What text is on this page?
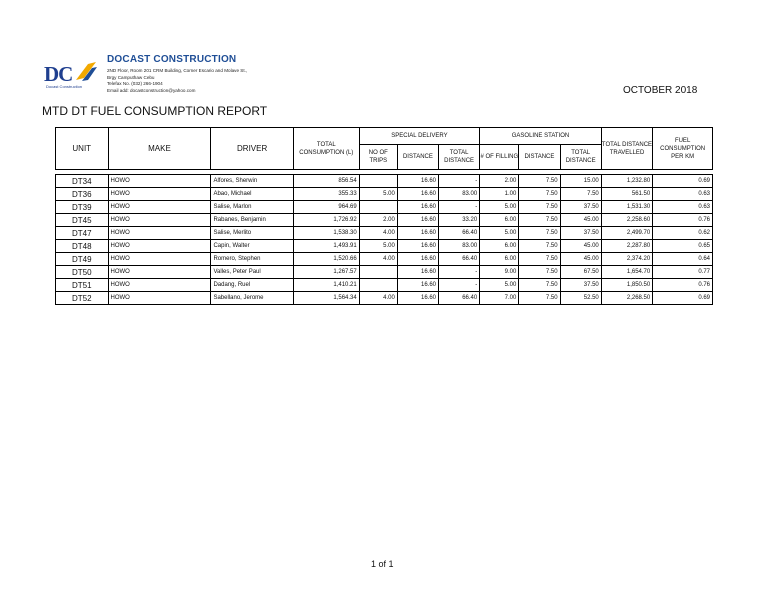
DC
Docast Construction
DOCAST CONSTRUCTION
2ND Floor, Room 201 CRM Building, Corner Escario and Molave St.,
Brgy Camputhaw Cebu
Telefax No. (032) 266-1904
Email add: docastconstruction@yahoo.com	OCTOBER 2018
MTD DT FUEL CONSUMPTION REPORT
UNIT	MAKE	DRIVER	TOTAL CONSUMPTION (L)	SPECIAL DELIVERY			GASOLINE STATION			TOTAL DISTANCE TRAVELLED	FUEL CONSUMPTION PER KM
				NO OF TRIPS	DISTANCE	TOTAL DISTANCE	# OF FILLING	DISTANCE	TOTAL DISTANCE		

DT34	HOWO	Alfores, Sherwin	856.54		16.60	-	2.00	7.50	15.00	1,232.80	0.69
DT36	HOWO	Abao, Michael	355.33	5.00	16.60	83.00	1.00	7.50	7.50	561.50	0.63
DT39	HOWO	Salise, Marlon	964.69		16.60	-	5.00	7.50	37.50	1,531.30	0.63
DT45	HOWO	Rabanes, Benjamin	1,726.92	2.00	16.60	33.20	6.00	7.50	45.00	2,258.60	0.76
DT47	HOWO	Salise, Merlito	1,538.30	4.00	16.60	66.40	5.00	7.50	37.50	2,499.70	0.62
DT48	HOWO	Capin, Walter	1,493.91	5.00	16.60	83.00	6.00	7.50	45.00	2,287.80	0.65
DT49	HOWO	Romero, Stephen	1,520.66	4.00	16.60	66.40	6.00	7.50	45.00	2,374.20	0.64
DT50	HOWO	Valles, Peter Paul	1,267.57		16.60	-	9.00	7.50	67.50	1,654.70	0.77
DT51	HOWO	Dadang, Ruel	1,410.21		16.60	-	5.00	7.50	37.50	1,850.50	0.76
DT52	HOWO	Sabellano, Jerome	1,564.34	4.00	16.60	66.40	7.00	7.50	52.50	2,268.50	0.69
1 of 1
